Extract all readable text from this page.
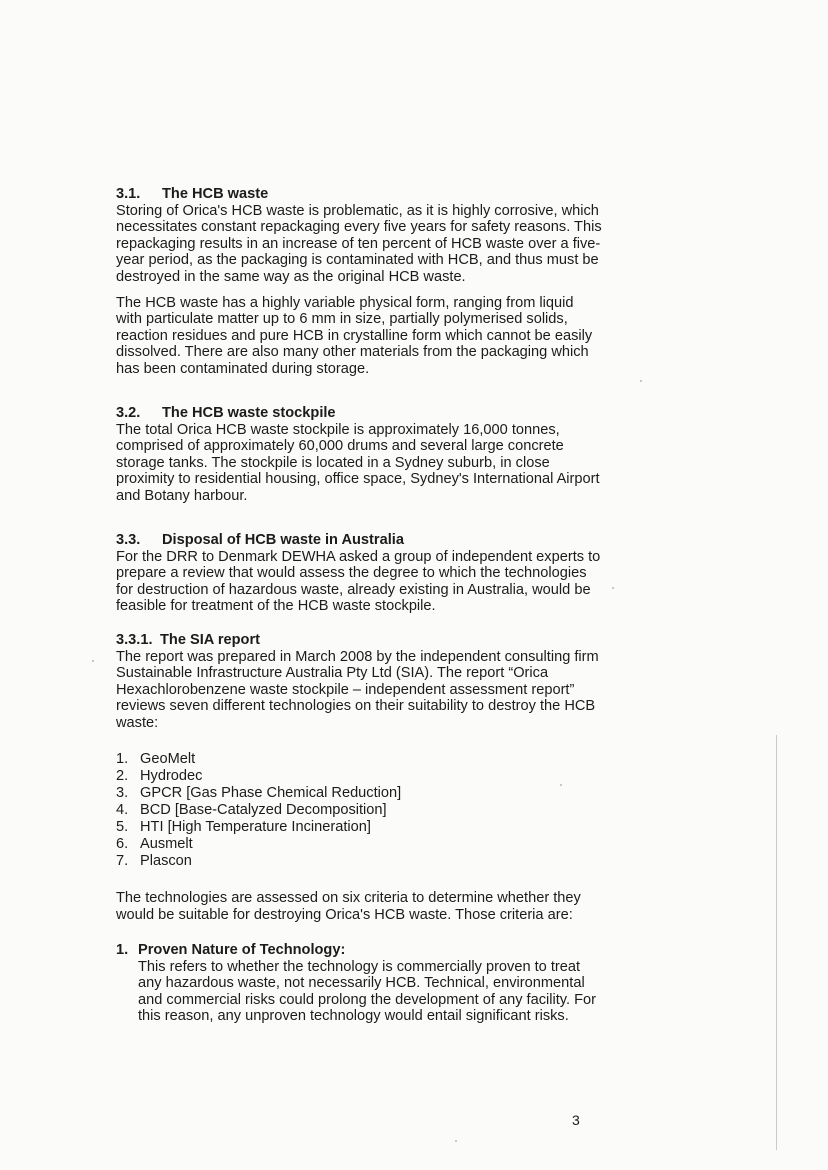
3.1.	The HCB waste

Storing of Orica's HCB waste is problematic, as it is highly corrosive, which necessitates constant repackaging every five years for safety reasons. This repackaging results in an increase of ten percent of HCB waste over a five-year period, as the packaging is contaminated with HCB, and thus must be destroyed in the same way as the original HCB waste.

The HCB waste has a highly variable physical form, ranging from liquid with particulate matter up to 6 mm in size, partially polymerised solids, reaction residues and pure HCB in crystalline form which cannot be easily dissolved. There are also many other materials from the packaging which has been contaminated during storage.

3.2.	The HCB waste stockpile

The total Orica HCB waste stockpile is approximately 16,000 tonnes, comprised of approximately 60,000 drums and several large concrete storage tanks. The stockpile is located in a Sydney suburb, in close proximity to residential housing, office space, Sydney's International Airport and Botany harbour.

3.3.	Disposal of HCB waste in Australia

For the DRR to Denmark DEWHA asked a group of independent experts to prepare a review that would assess the degree to which the technologies for destruction of hazardous waste, already existing in Australia, would be feasible for treatment of the HCB waste stockpile.

3.3.1. The SIA report

The report was prepared in March 2008 by the independent consulting firm Sustainable Infrastructure Australia Pty Ltd (SIA). The report “Orica Hexachlorobenzene waste stockpile – independent assessment report” reviews seven different technologies on their suitability to destroy the HCB waste:

1. GeoMelt
2. Hydrodec
3. GPCR [Gas Phase Chemical Reduction]
4. BCD [Base-Catalyzed Decomposition]
5. HTI [High Temperature Incineration]
6. Ausmelt
7. Plascon

The technologies are assessed on six criteria to determine whether they would be suitable for destroying Orica's HCB waste. Those criteria are:

1. Proven Nature of Technology:

This refers to whether the technology is commercially proven to treat any hazardous waste, not necessarily HCB. Technical, environmental and commercial risks could prolong the development of any facility. For this reason, any unproven technology would entail significant risks.

3
